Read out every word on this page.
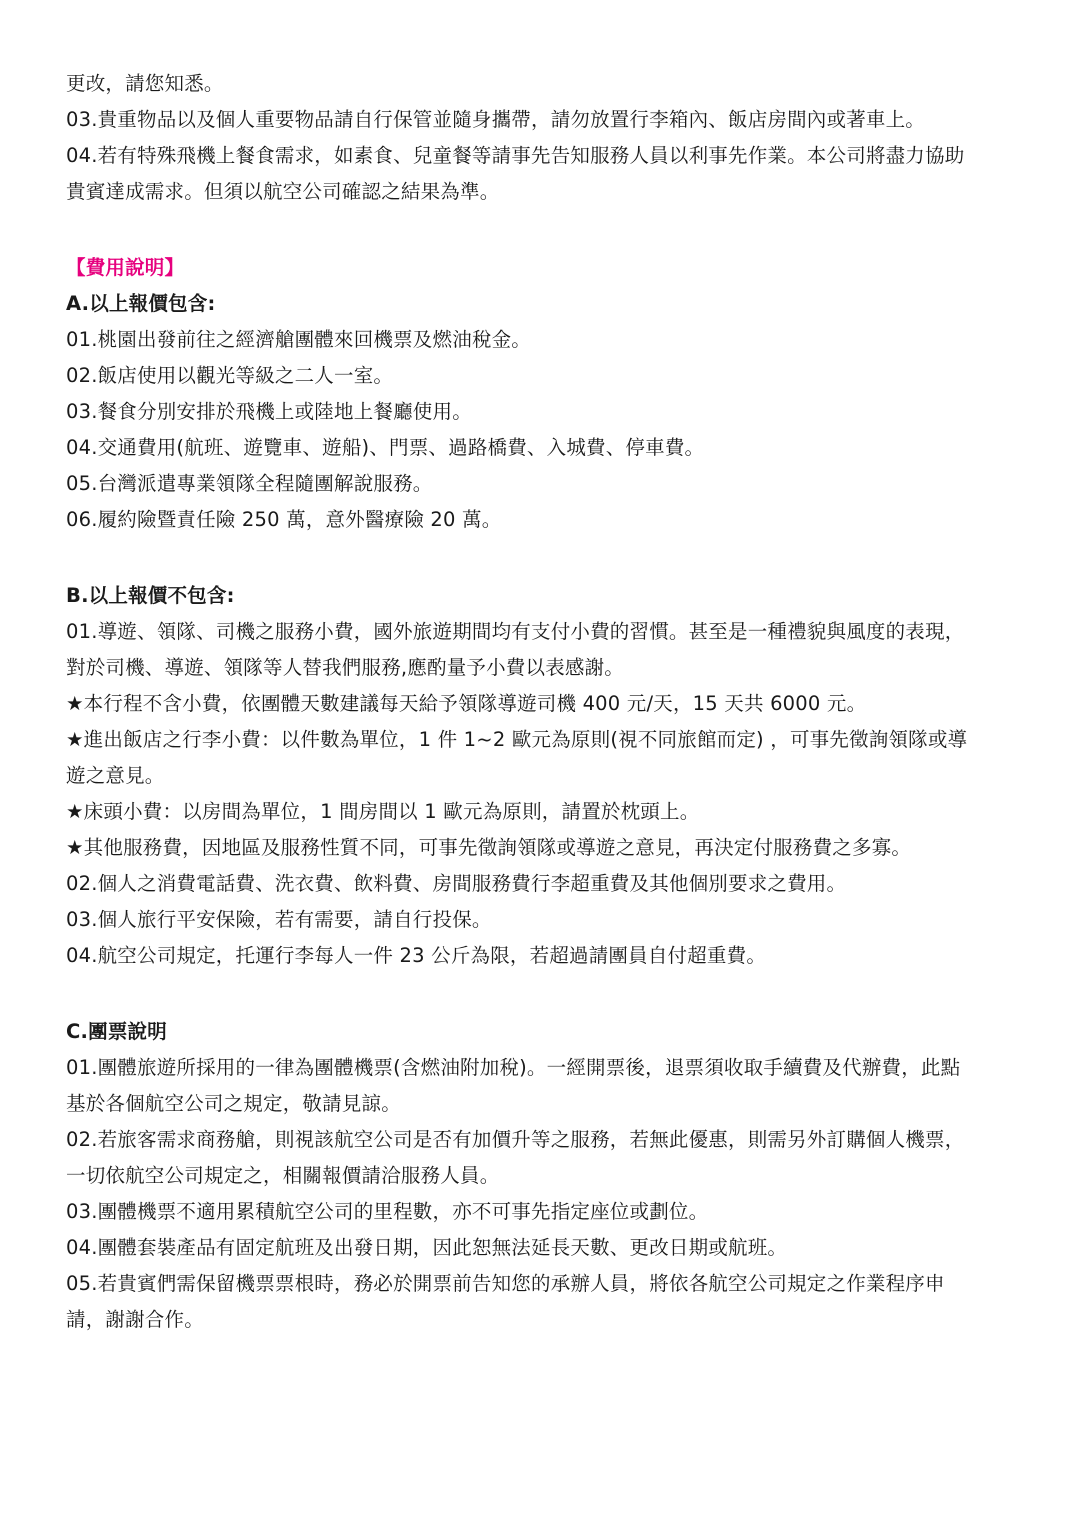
更改，請您知悉。
03.貴重物品以及個人重要物品請自行保管並隨身攜帶，請勿放置行李箱內、飯店房間內或著車上。
04.若有特殊飛機上餐食需求，如素食、兒童餐等請事先告知服務人員以利事先作業。本公司將盡力協助
貴賓達成需求。但須以航空公司確認之結果為準。
【費用說明】
A.以上報價包含:
01.桃園出發前往之經濟艙團體來回機票及燃油稅金。
02.飯店使用以觀光等級之二人一室。
03.餐食分別安排於飛機上或陸地上餐廳使用。
04.交通費用(航班、遊覽車、遊船)、門票、過路橋費、入城費、停車費。
05.台灣派遣專業領隊全程隨團解說服務。
06.履約險暨責任險 250 萬，意外醫療險 20 萬。
B.以上報價不包含:
01.導遊、領隊、司機之服務小費，國外旅遊期間均有支付小費的習慣。甚至是一種禮貌與風度的表現，
對於司機、導遊、領隊等人替我們服務,應酌量予小費以表感謝。
★本行程不含小費，依團體天數建議每天給予領隊導遊司機 400 元/天，15 天共 6000 元。
★進出飯店之行李小費：以件數為單位，1 件 1~2 歐元為原則(視不同旅館而定) ，可事先徵詢領隊或導
遊之意見。
★床頭小費：以房間為單位，1 間房間以 1 歐元為原則，請置於枕頭上。
★其他服務費，因地區及服務性質不同，可事先徵詢領隊或導遊之意見，再決定付服務費之多寡。
02.個人之消費電話費、洗衣費、飲料費、房間服務費行李超重費及其他個別要求之費用。
03.個人旅行平安保險，若有需要，請自行投保。
04.航空公司規定，托運行李每人一件 23 公斤為限，若超過請團員自付超重費。
C.團票說明
01.團體旅遊所採用的一律為團體機票(含燃油附加稅)。一經開票後，退票須收取手續費及代辦費，此點
基於各個航空公司之規定，敬請見諒。
02.若旅客需求商務艙，則視該航空公司是否有加價升等之服務，若無此優惠，則需另外訂購個人機票，
一切依航空公司規定之，相關報價請洽服務人員。
03.團體機票不適用累積航空公司的里程數，亦不可事先指定座位或劃位。
04.團體套裝產品有固定航班及出發日期，因此恕無法延長天數、更改日期或航班。
05.若貴賓們需保留機票票根時，務必於開票前告知您的承辦人員，將依各航空公司規定之作業程序申
請，謝謝合作。
